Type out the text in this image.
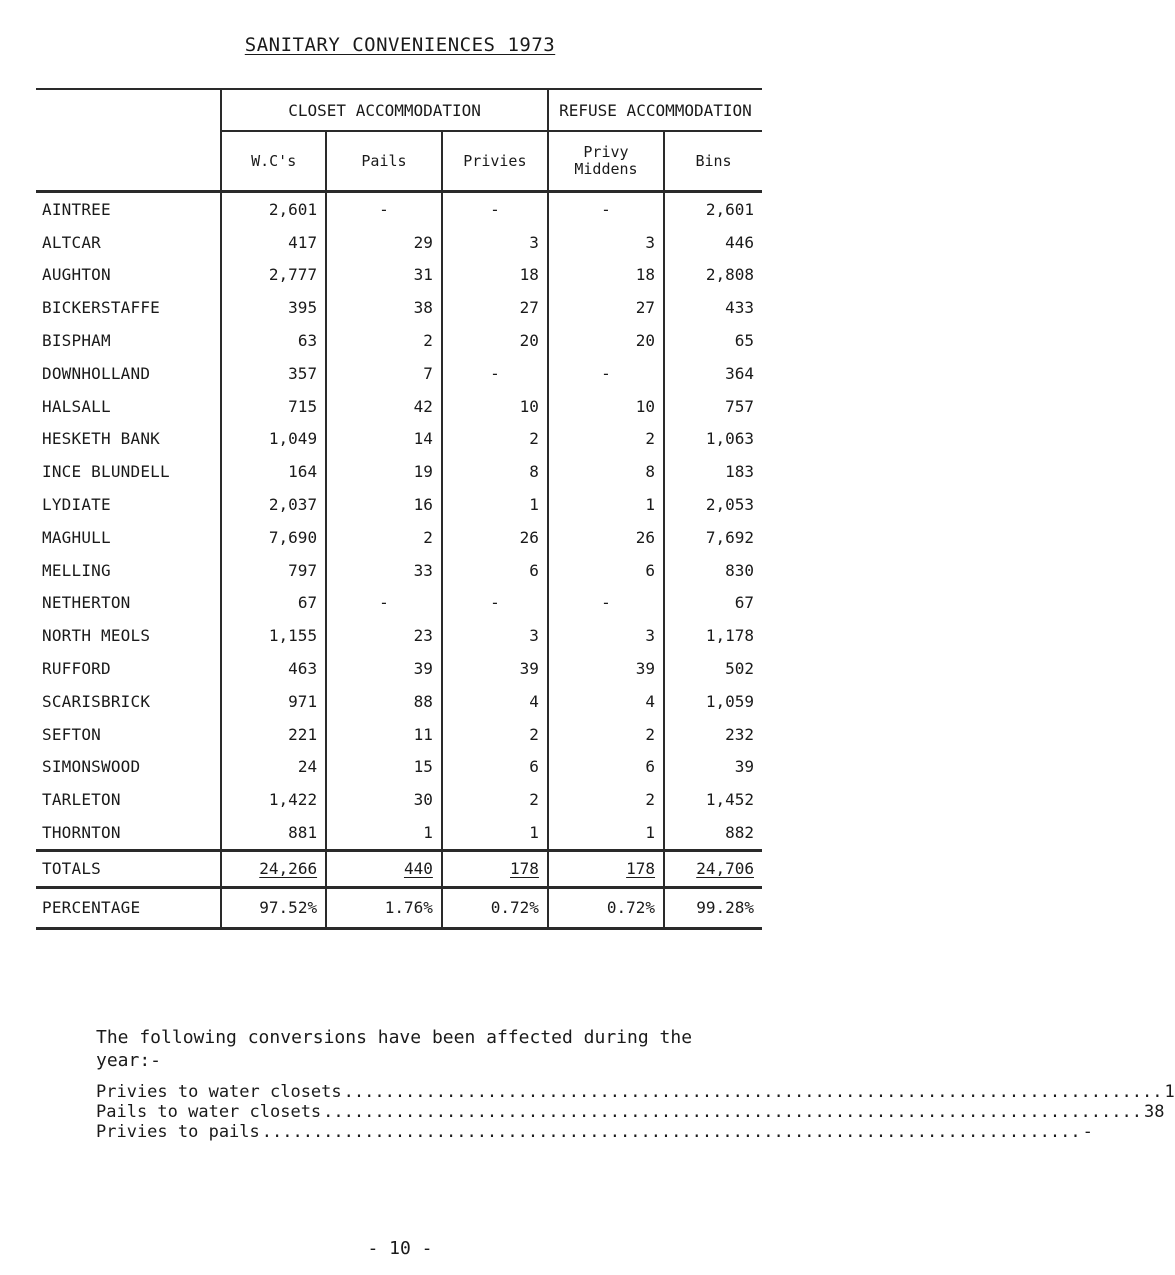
SANITARY CONVENIENCES 1973
	CLOSET ACCOMMODATION			REFUSE ACCOMMODATION	
	W.C's	Pails	Privies	Privy Middens	Bins
AINTREE	2,601	-	-	-	2,601
ALTCAR	417	29	3	3	446
AUGHTON	2,777	31	18	18	2,808
BICKERSTAFFE	395	38	27	27	433
BISPHAM	63	2	20	20	65
DOWNHOLLAND	357	7	-	-	364
HALSALL	715	42	10	10	757
HESKETH BANK	1,049	14	2	2	1,063
INCE BLUNDELL	164	19	8	8	183
LYDIATE	2,037	16	1	1	2,053
MAGHULL	7,690	2	26	26	7,692
MELLING	797	33	6	6	830
NETHERTON	67	-	-	-	67
NORTH MEOLS	1,155	23	3	3	1,178
RUFFORD	463	39	39	39	502
SCARISBRICK	971	88	4	4	1,059
SEFTON	221	11	2	2	232
SIMONSWOOD	24	15	6	6	39
TARLETON	1,422	30	2	2	1,452
THORNTON	881	1	1	1	882
TOTALS	24,266	440	178	178	24,706
PERCENTAGE	97.52%	1.76%	0.72%	0.72%	99.28%
The following conversions have been affected during the year:-
Privies to water closets ................................................................................ 1
Pails to water closets ................................................................................ 38
Privies to pails ................................................................................ -
- 10 -
